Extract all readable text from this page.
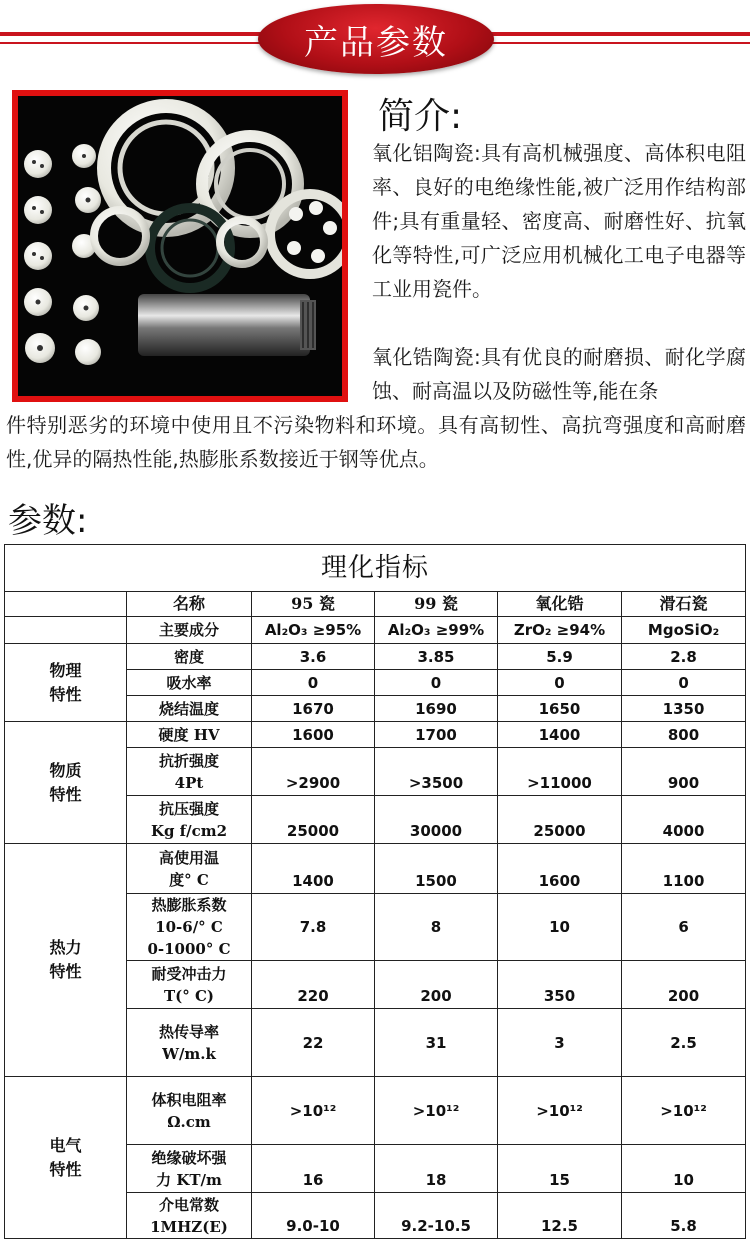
产品参数
简介:
氧化铝陶瓷:具有高机械强度、高体积电阻率、良好的电绝缘性能,被广泛用作结构部件;具有重量轻、密度高、耐磨性好、抗氧化等特性,可广泛应用机械化工电子电器等工业用瓷件。
氧化锆陶瓷:具有优良的耐磨损、耐化学腐蚀、耐高温以及防磁性等,能在条
件特别恶劣的环境中使用且不污染物料和环境。具有高韧性、高抗弯强度和高耐磨性,优异的隔热性能,热膨胀系数接近于钢等优点。
参数:
理化指标					
	名称	95 瓷	99 瓷	氧化锆	滑石瓷
	主要成分	Al₂O₃ ≥95%	Al₂O₃ ≥99%	ZrO₂ ≥94%	MgoSiO₂
物理
特性	密度	3.6	3.85	5.9	2.8
	吸水率	0	0	0	0
	烧结温度	1670	1690	1650	1350
物质
特性	硬度 HV	1600	1700	1400	800
	抗折强度
4Pt	>2900	>3500	>11000	900
	抗压强度
Kg f/cm2	25000	30000	25000	4000
热力
特性	高使用温
度° C	1400	1500	1600	1100
	热膨胀系数
10-6/° C
0-1000° C	7.8	8	10	6
	耐受冲击力
T(° C)	220	200	350	200
	热传导率
W/m.k	22	31	3	2.5
电气
特性	体积电阻率
Ω.cm	>10¹²	>10¹²	>10¹²	>10¹²
	绝缘破坏强
力 KT/m	16	18	15	10
	介电常数
1MHZ(E)	9.0-10	9.2-10.5	12.5	5.8
